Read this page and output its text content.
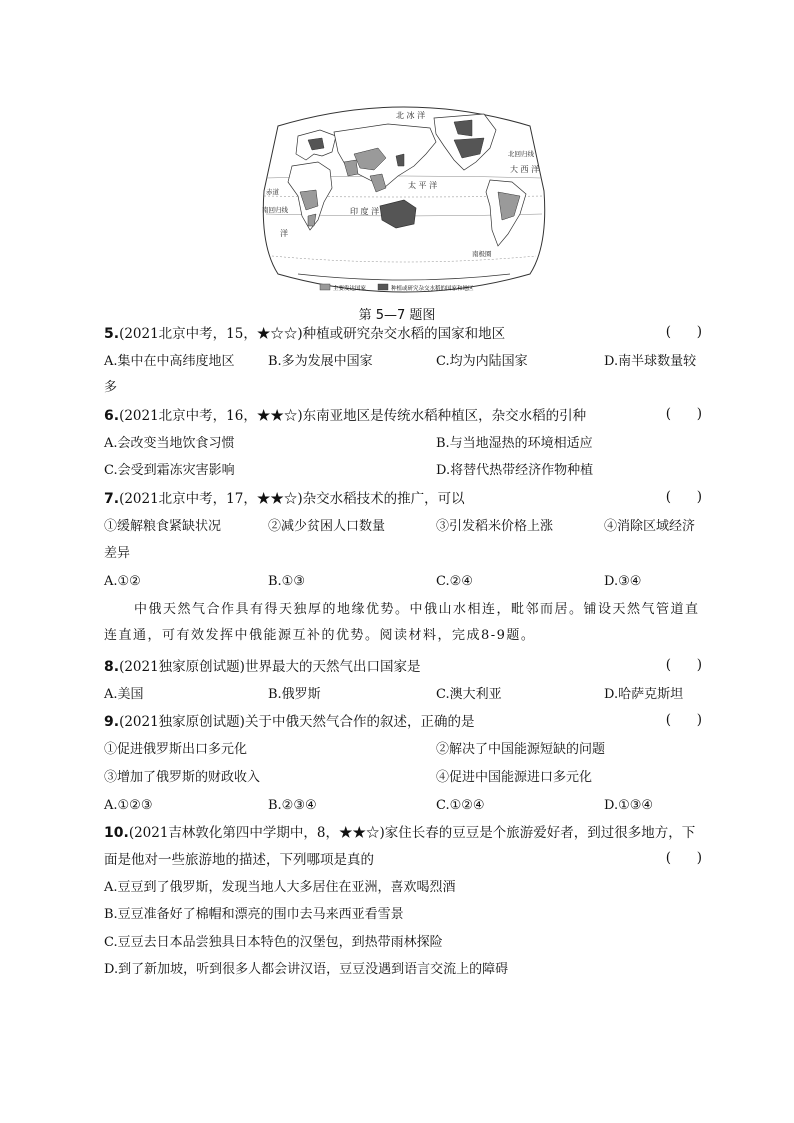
北 冰 洋
太 平 洋
印 度 洋
大 西 洋
洋
北回归线
南回归线
赤道
南极圈
主要发达国家	种植或研究杂交水稻的国家和地区
第 5—7 题图
5.(2021北京中考，15，★☆☆)种植或研究杂交水稻的国家和地区	(      )
A.集中在中高纬度地区	B.多为发展中国家	C.均为内陆国家	D.南半球数量较
多
6.(2021北京中考，16，★★☆)东南亚地区是传统水稻种植区，杂交水稻的引种	(      )
A.会改变当地饮食习惯	B.与当地湿热的环境相适应
C.会受到霜冻灾害影响	D.将替代热带经济作物种植
7.(2021北京中考，17，★★☆)杂交水稻技术的推广，可以	(      )
①缓解粮食紧缺状况	②减少贫困人口数量	③引发稻米价格上涨	④消除区域经济
差异
A.①②	B.①③	C.②④	D.③④
中俄天然气合作具有得天独厚的地缘优势。中俄山水相连，毗邻而居。铺设天然气管道直连直通，可有效发挥中俄能源互补的优势。阅读材料，完成8-9题。
8.(2021独家原创试题)世界最大的天然气出口国家是	(      )
A.美国	B.俄罗斯	C.澳大利亚	D.哈萨克斯坦
9.(2021独家原创试题)关于中俄天然气合作的叙述，正确的是	(      )
①促进俄罗斯出口多元化	②解决了中国能源短缺的问题
③增加了俄罗斯的财政收入	④促进中国能源进口多元化
A.①②③	B.②③④	C.①②④	D.①③④
10.(2021吉林敦化第四中学期中，8，★★☆)家住长春的豆豆是个旅游爱好者，到过很多地方，下
面是他对一些旅游地的描述，下列哪项是真的	(      )
A.豆豆到了俄罗斯，发现当地人大多居住在亚洲，喜欢喝烈酒
B.豆豆准备好了棉帽和漂亮的围巾去马来西亚看雪景
C.豆豆去日本品尝独具日本特色的汉堡包，到热带雨林探险
D.到了新加坡，听到很多人都会讲汉语，豆豆没遇到语言交流上的障碍
